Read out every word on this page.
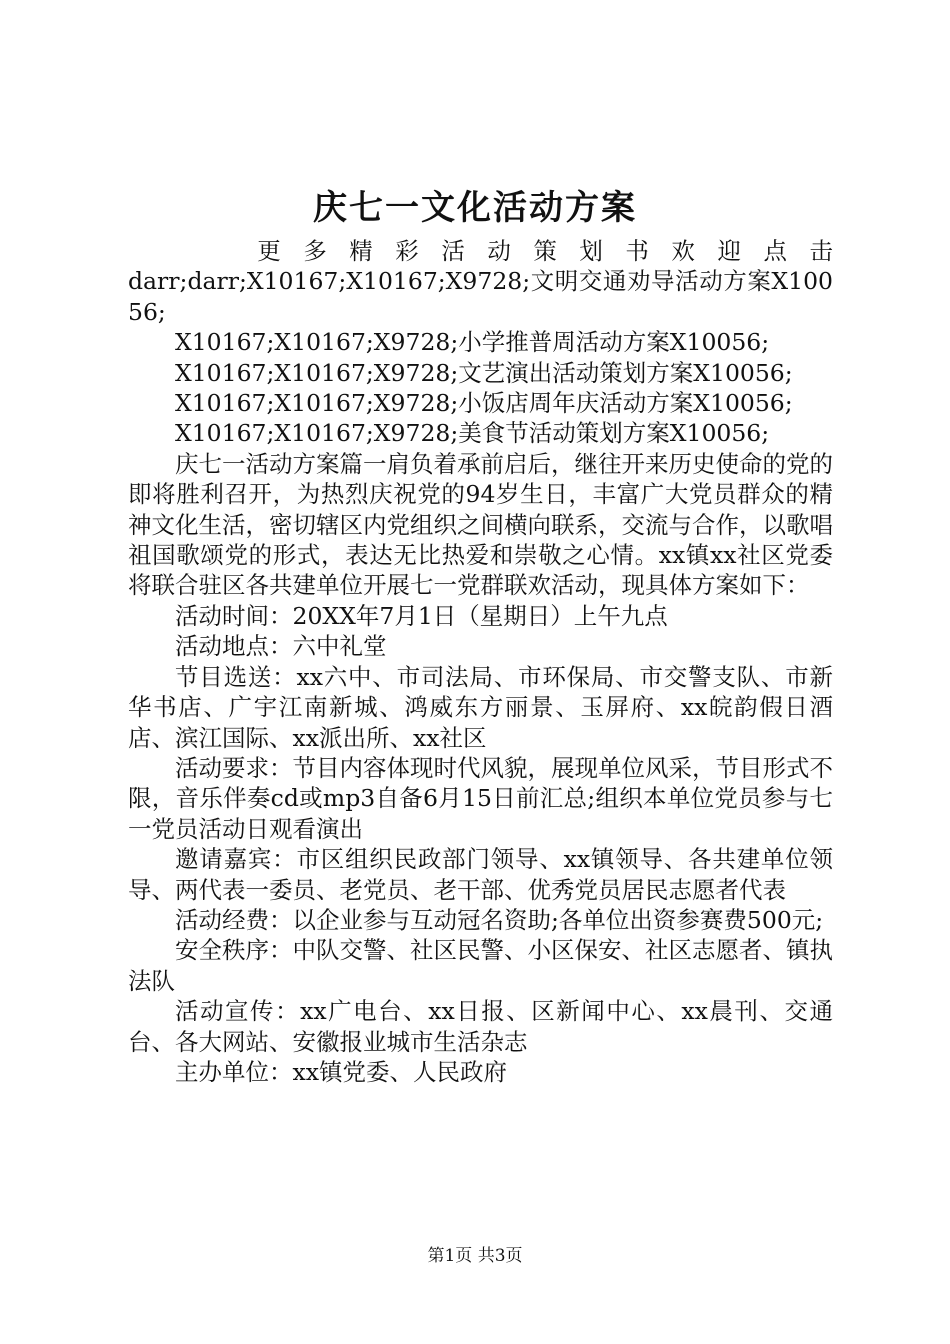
庆七一文化活动方案

更多精彩活动策划书欢迎点击

darr;darr;X10167;X10167;X9728;文明交通劝导活动方案X10056;

X10167;X10167;X9728;小学推普周活动方案X10056;

X10167;X10167;X9728;文艺演出活动策划方案X10056;

X10167;X10167;X9728;小饭店周年庆活动方案X10056;

X10167;X10167;X9728;美食节活动策划方案X10056;

庆七一活动方案篇一肩负着承前启后，继往开来历史使命的党的即将胜利召开，为热烈庆祝党的94岁生日，丰富广大党员群众的精神文化生活，密切辖区内党组织之间横向联系，交流与合作，以歌唱祖国歌颂党的形式，表达无比热爱和崇敬之心情。xx镇xx社区党委将联合驻区各共建单位开展七一党群联欢活动，现具体方案如下：

活动时间：20XX年7月1日（星期日）上午九点

活动地点：六中礼堂

节目选送：xx六中、市司法局、市环保局、市交警支队、市新华书店、广宇江南新城、鸿威东方丽景、玉屏府、xx皖韵假日酒店、滨江国际、xx派出所、xx社区

活动要求：节目内容体现时代风貌，展现单位风采，节目形式不限，音乐伴奏cd或mp3自备6月15日前汇总;组织本单位党员参与七一党员活动日观看演出

邀请嘉宾：市区组织民政部门领导、xx镇领导、各共建单位领导、两代表一委员、老党员、老干部、优秀党员居民志愿者代表

活动经费：以企业参与互动冠名资助;各单位出资参赛费500元;

安全秩序：中队交警、社区民警、小区保安、社区志愿者、镇执法队

活动宣传：xx广电台、xx日报、区新闻中心、xx晨刊、交通台、各大网站、安徽报业城市生活杂志

主办单位：xx镇党委、人民政府

第1页 共3页
